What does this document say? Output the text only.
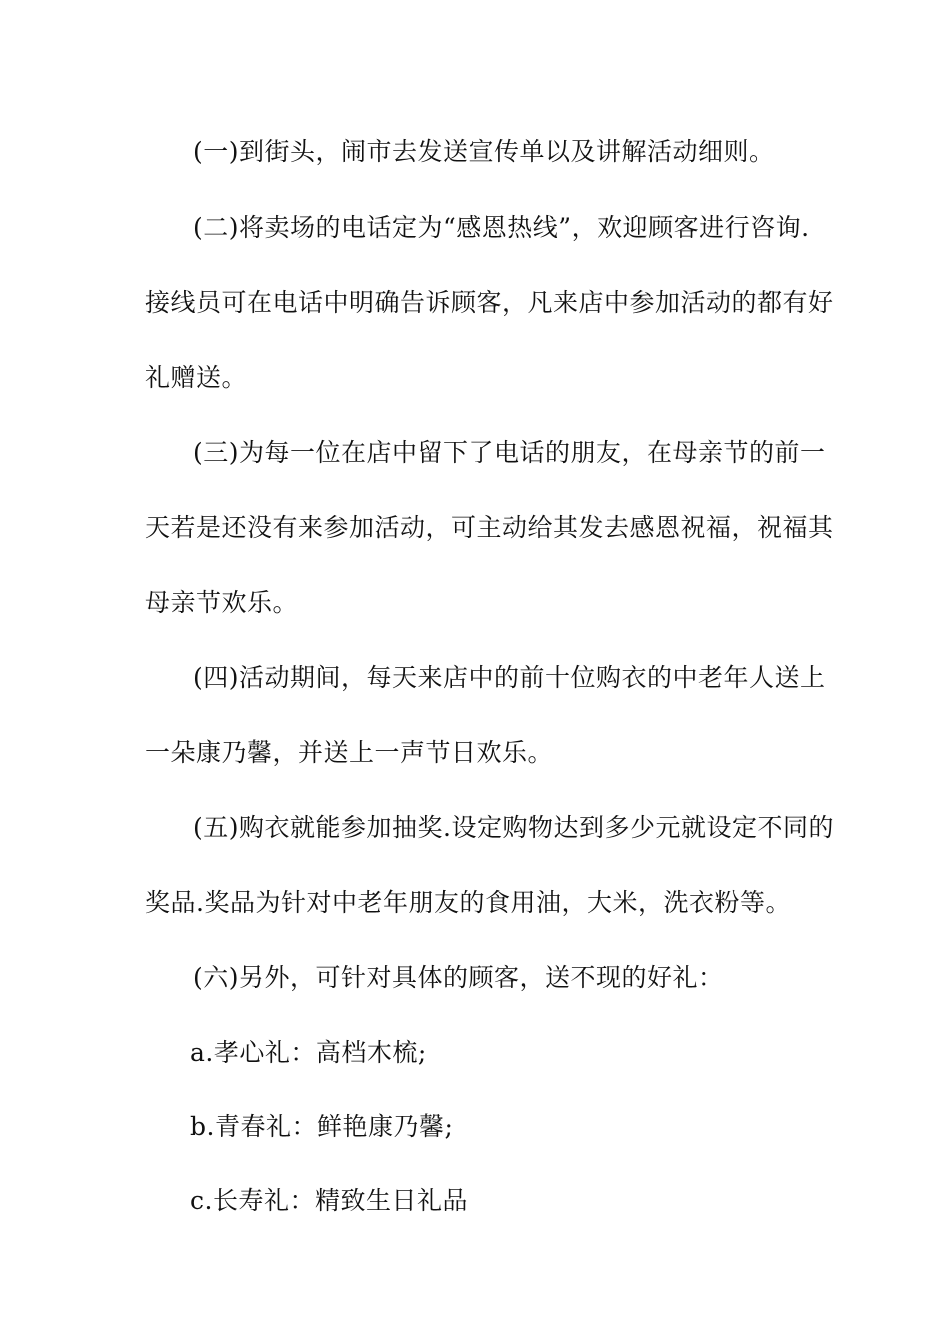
(一)到街头，闹市去发送宣传单以及讲解活动细则。
(二)将卖场的电话定为“感恩热线”，欢迎顾客进行咨询.
接线员可在电话中明确告诉顾客，凡来店中参加活动的都有好
礼赠送。
(三)为每一位在店中留下了电话的朋友，在母亲节的前一
天若是还没有来参加活动，可主动给其发去感恩祝福，祝福其
母亲节欢乐。
(四)活动期间，每天来店中的前十位购衣的中老年人送上
一朵康乃馨，并送上一声节日欢乐。
(五)购衣就能参加抽奖.设定购物达到多少元就设定不同的
奖品.奖品为针对中老年朋友的食用油，大米，洗衣粉等。
(六)另外，可针对具体的顾客，送不现的好礼：
a.孝心礼：高档木梳;
b.青春礼：鲜艳康乃馨;
c.长寿礼：精致生日礼品
